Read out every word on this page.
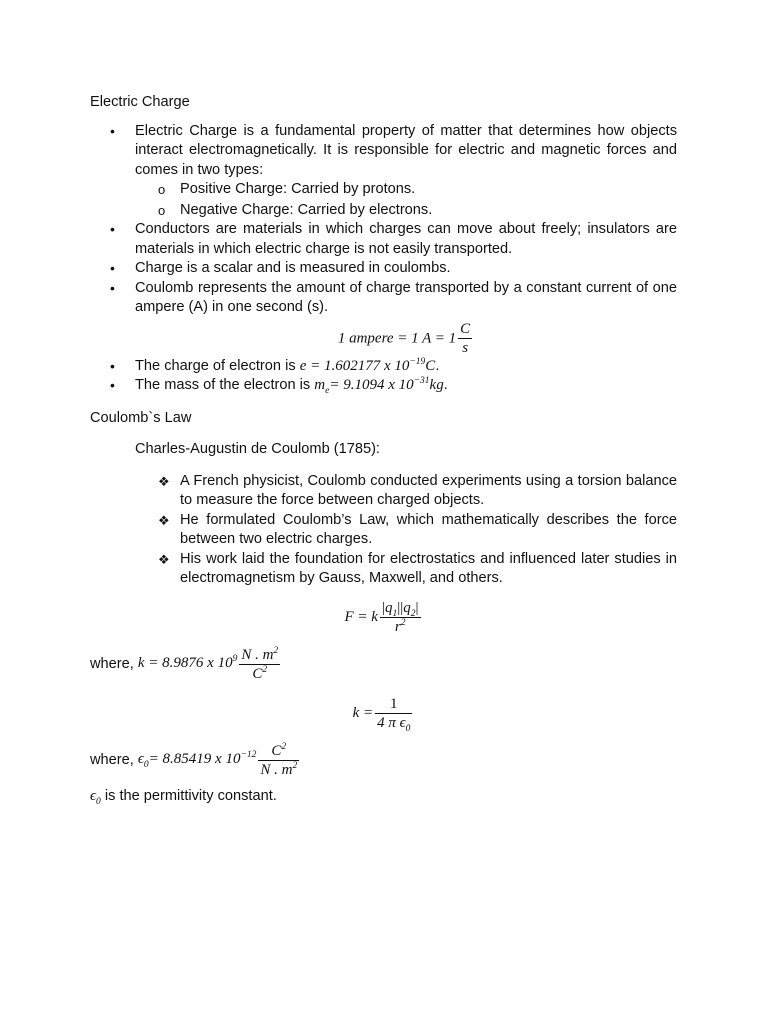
Electric Charge

• Electric Charge is a fundamental property of matter that determines how objects interact electromagnetically. It is responsible for electric and magnetic forces and comes in two types:
o Positive Charge: Carried by protons.
o Negative Charge: Carried by electrons.
• Conductors are materials in which charges can move about freely; insulators are materials in which electric charge is not easily transported.
• Charge is a scalar and is measured in coulombs.
• Coulomb represents the amount of charge transported by a constant current of one ampere (A) in one second (s).
1 ampere = 1 $A = 1 \frac{C}{s}$
• The charge of electron is e = 1.602177 x $10^{-19}C$.
• The mass of the electron is $m_e= 9.1094$ x $10^{-31}kg$.

Coulomb`s Law

Charles-Augustin de Coulomb (1785):

❖ A French physicist, Coulomb conducted experiments using a torsion balance to measure the force between charged objects.
❖ He formulated Coulomb’s Law, which mathematically describes the force between two electric charges.
❖ His work laid the foundation for electrostatics and influenced later studies in electromagnetism by Gauss, Maxwell, and others.
F = k $\frac{|q_1||q_2|}{r^2}$

where, k = 8.9876 x $10^9 \frac{N . m^2}{C^2}$

$k = \frac{1}{4 \pi \epsilon_0}$

where, $\epsilon_0= 8.85419$ x $10^{-12} \frac{C^2}{N . m^2}$

$\epsilon_0$ is the permittivity constant.
